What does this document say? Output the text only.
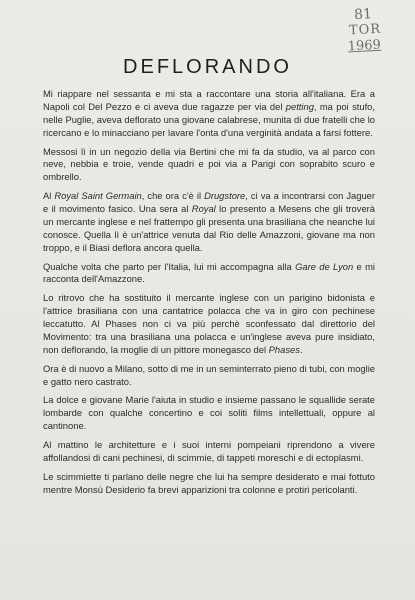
81
TOR
1969
DEFLORANDO

Mi riappare nel sessanta e mi sta a raccontare una storia all'italiana. Era a Napoli col Del Pezzo e ci aveva due ragazze per via del petting, ma poi stufo, nelle Puglie, aveva deflorato una giovane calabrese, munita di due fratelli che lo ricercano e lo minacciano per lavare l'onta d'una verginità andata a farsi fottere.

Messosi lì in un negozio della via Bertini che mi fa da studio, va al parco con neve, nebbia e troie, vende quadri e poi via a Parigi con soprabito scuro e ombrello.

Al Royal Saint Germain, che ora c'è il Drugstore, ci va a incontrarsi con Jaguer e il movimento fasico. Una sera al Royal lo presento a Mesens che gli troverà un mercante inglese e nel frattempo gli presenta una brasiliana che neanche lui conosce. Quella lì è un'attrice venuta dal Rio delle Amazzoni, giovane ma non troppo, e il Biasi deflora ancora quella.

Qualche volta che parto per l'Italia, lui mi accompagna alla Gare de Lyon e mi racconta dell'Amazzone.

Lo ritrovo che ha sostituito il mercante inglese con un parigino bidonista e l'attrice brasiliana con una cantatrice polacca che va in giro con pechinese leccatutto. Al Phases non ci va più perchè sconfessato dal direttorio del Movimento: tra una brasiliana una polacca e un'inglese aveva pure insidiato, non deflorando, la moglie di un pittore monegasco del Phases.

Ora è di nuovo a Milano, sotto di me in un seminterrato pieno di tubi, con moglie e gatto nero castrato.

La dolce e giovane Marie l'aiuta in studio e insieme passano le squallide serate lombarde con qualche concertino e coi soliti films intellettuali, oppure al cantinone.

Al mattino le architetture e i suoi interni pompeiani riprendono a vivere affollandosi di cani pechinesi, di scimmie, di tappeti moreschi e di ectoplasmi.

Le scimmiette ti parlano delle negre che lui ha sempre desiderato e mai fottuto mentre Monsù Desiderio fa brevi apparizioni tra colonne e protiri pericolanti.
